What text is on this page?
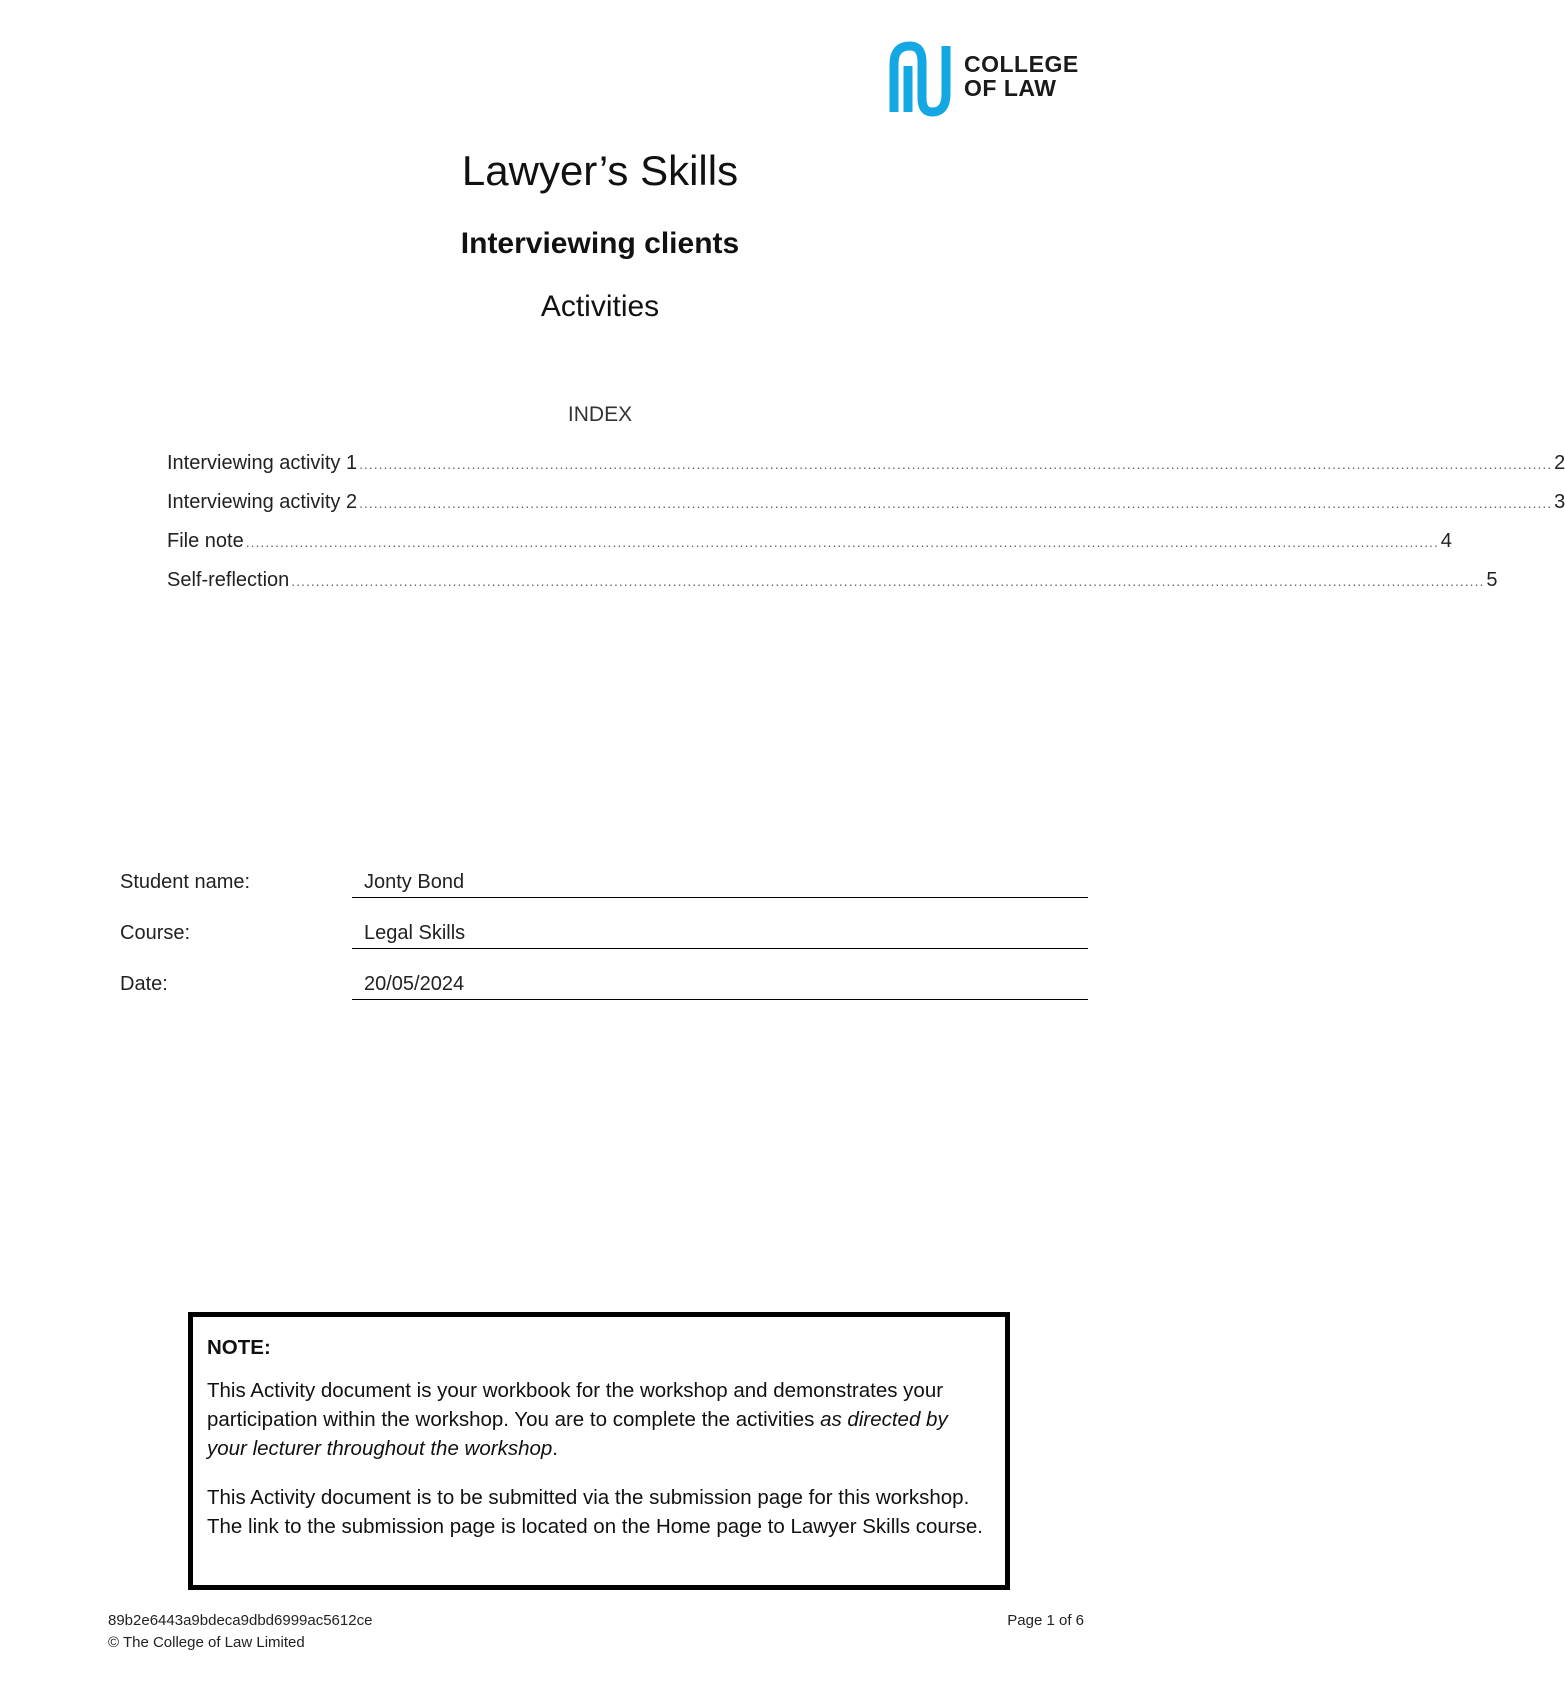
COLLEGE
OF LAW
Lawyer’s Skills
Interviewing clients
Activities
INDEX
Interviewing activity 1 .................................................................................................................................................................................................................................................... 2
Interviewing activity 2 .................................................................................................................................................................................................................................................... 3
File note .................................................................................................................................................................................................................................................... 4
Self-reflection .................................................................................................................................................................................................................................................... 5
Student name:	Jonty Bond
Course:	Legal Skills
Date:	20/05/2024

NOTE:

This Activity document is your workbook for the workshop and demonstrates your participation within the workshop. You are to complete the activities as directed by your lecturer throughout the workshop.

This Activity document is to be submitted via the submission page for this workshop. The link to the submission page is located on the Home page to Lawyer Skills course.

89b2e6443a9bdeca9dbd6999ac5612ce
© The College of Law Limited
Page 1 of 6
